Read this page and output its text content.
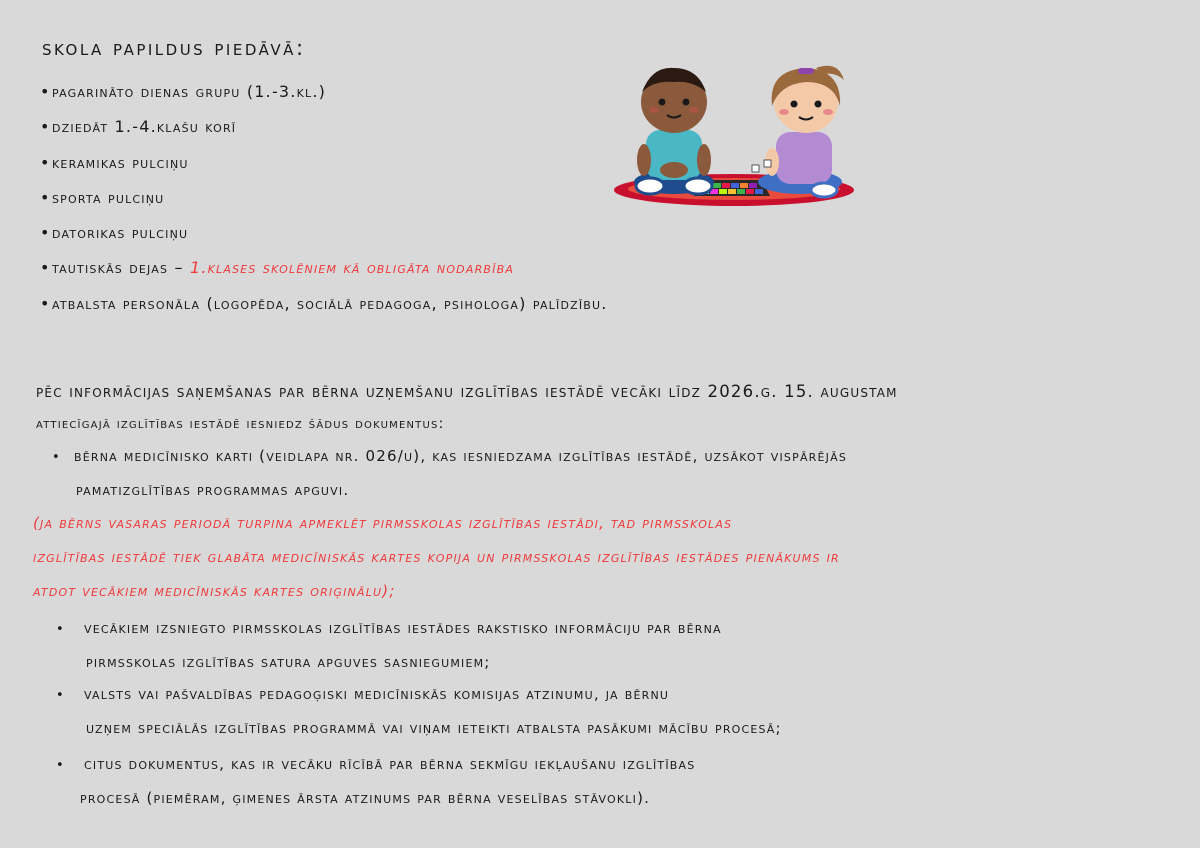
skola papildus piedāvā:
•pagarināto dienas grupu (1.-3.kl.)
•dziedāt 1.-4.klašu korī
•keramikas pulciņu
•sporta pulciņu
•datorikas pulciņu
•tautiskās dejas – 1.klases skolēniem kā obligāta nodarbība
•atbalsta personāla (logopēda, sociālā pedagoga, psihologa) palīdzību.
pēc informācijas saņemšanas par bērna uzņemšanu izglītības iestādē vecāki līdz 2026.g. 15. augustam
attiecīgajā izglītības iestādē iesniedz šādus dokumentus:
• bērna medicīnisko karti (veidlapa nr. 026/u), kas iesniedzama izglītības iestādē, uzsākot vispārējās
pamatizglītības programmas apguvi.
(ja bērns vasaras periodā turpina apmeklēt pirmsskolas izglītības iestādi, tad pirmsskolas
izglītības iestādē tiek glabāta medicīniskās kartes kopija un pirmsskolas izglītības iestādes pienākums ir
atdot vecākiem medicīniskās kartes oriģinālu);
• vecākiem izsniegto pirmsskolas izglītības iestādes rakstisko informāciju par bērna
pirmsskolas izglītības satura apguves sasniegumiem;
• valsts vai pašvaldības pedagoģiski medicīniskās komisijas atzinumu, ja bērnu
uzņem speciālās izglītības programmā vai viņam ieteikti atbalsta pasākumi mācību procesā;
• citus dokumentus, kas ir vecāku rīcībā par bērna sekmīgu iekļaušanu izglītības
procesā (piemēram, ģimenes ārsta atzinums par bērna veselības stāvokli).
